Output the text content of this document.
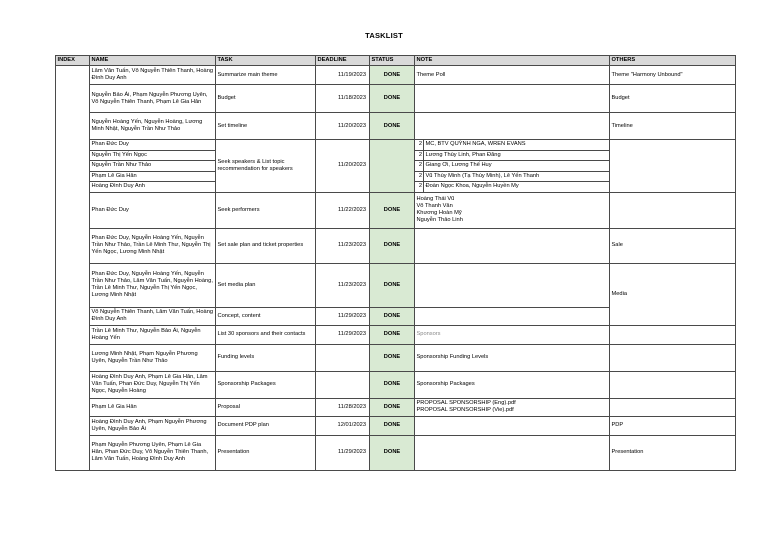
TASKLIST
INDEX	NAME	TASK	DEADLINE	STATUS	NOTE		OTHERS
	Lâm Văn Tuấn, Võ Nguyễn Thiên Thanh, Hoàng Đình Duy Anh	Summarize main theme	11/19/2023	DONE	Theme Poll		Theme "Harmony Unbound"
	Nguyễn Bảo Ái, Phạm Nguyễn Phương Uyên, Võ Nguyễn Thiên Thanh, Phạm Lê Gia Hân	Budget	11/18/2023	DONE			Budget
	Nguyễn Hoàng Yến, Nguyễn Hoàng, Lương Minh Nhật, Nguyễn Trần Như Thảo	Set timeline	11/20/2023	DONE			Timeline
	Phan Đức Duy	Seek speakers & List topic recommendation for speakers	11/20/2023		2	MC, BTV QUỲNH NGA, WREN EVANS	
	Nguyễn Thị Yến Ngọc				2	Lương Thùy Linh, Phan Đăng	
	Nguyễn Trần Như Thảo				2	Giang Ơi, Lương Thế Huy	
	Phạm Lê Gia Hân				2	Vũ Thùy Minh (Tạ Thùy Minh), Lê Yến Thanh	
	Hoàng Đình Duy Anh				2	Đoàn Ngọc Khoa, Nguyễn Huyền My	
	Phan Đức Duy	Seek performers	11/22/2023	DONE	Hoàng Thái Vũ
Võ Thanh Vân
Khương Hoàn Mỹ
Nguyễn Thảo Linh		

	Phan Đức Duy, Nguyễn Hoàng Yến, Nguyễn Trần Như Thảo, Trần Lê Minh Thư, Nguyễn Thị Yến Ngọc, Lương Minh Nhật	Set sale plan and ticket properties	11/23/2023	DONE			Sale
	Phan Đức Duy, Nguyễn Hoàng Yến, Nguyễn Trần Như Thảo, Lâm Văn Tuấn, Nguyễn Hoàng, Trần Lê Minh Thư, Nguyễn Thị Yến Ngọc, Lương Minh Nhật	Set media plan	11/23/2023	DONE			Media
	Võ Nguyễn Thiên Thanh, Lâm Văn Tuấn, Hoàng Đình Duy Anh	Concept, content	11/29/2023	DONE			
	Trần Lê Minh Thư, Nguyễn Bảo Ái, Nguyễn Hoàng Yến	List 30 sponsors and their contacts	11/29/2023	DONE	Sponsors		
	Lương Minh Nhật, Phạm Nguyễn Phương Uyên, Nguyễn Trần Như Thảo	Funding levels		DONE	Sponsorship Funding Levels		
	Hoàng Đình Duy Anh, Phạm Lê Gia Hân, Lâm Văn Tuấn, Phan Đức Duy, Nguyễn Thị Yến Ngọc, Nguyễn Hoàng	Sponsorship Packages		DONE	Sponsorship Packages		
	Phạm Lê Gia Hân	Proposal	11/28/2023	DONE	PROPOSAL SPONSORSHIP (Eng).pdf
PROPOSAL SPONSORSHIP (Vie).pdf		

	Hoàng Đình Duy Anh, Phạm Nguyễn Phương Uyên, Nguyễn Bảo Ái	Document PDP plan	12/01/2023	DONE			PDP
	Phạm Nguyễn Phương Uyên, Phạm Lê Gia Hân, Phan Đức Duy, Võ Nguyễn Thiên Thanh, Lâm Văn Tuấn, Hoàng Đình Duy Anh	Presentation	11/29/2023	DONE			Presentation
